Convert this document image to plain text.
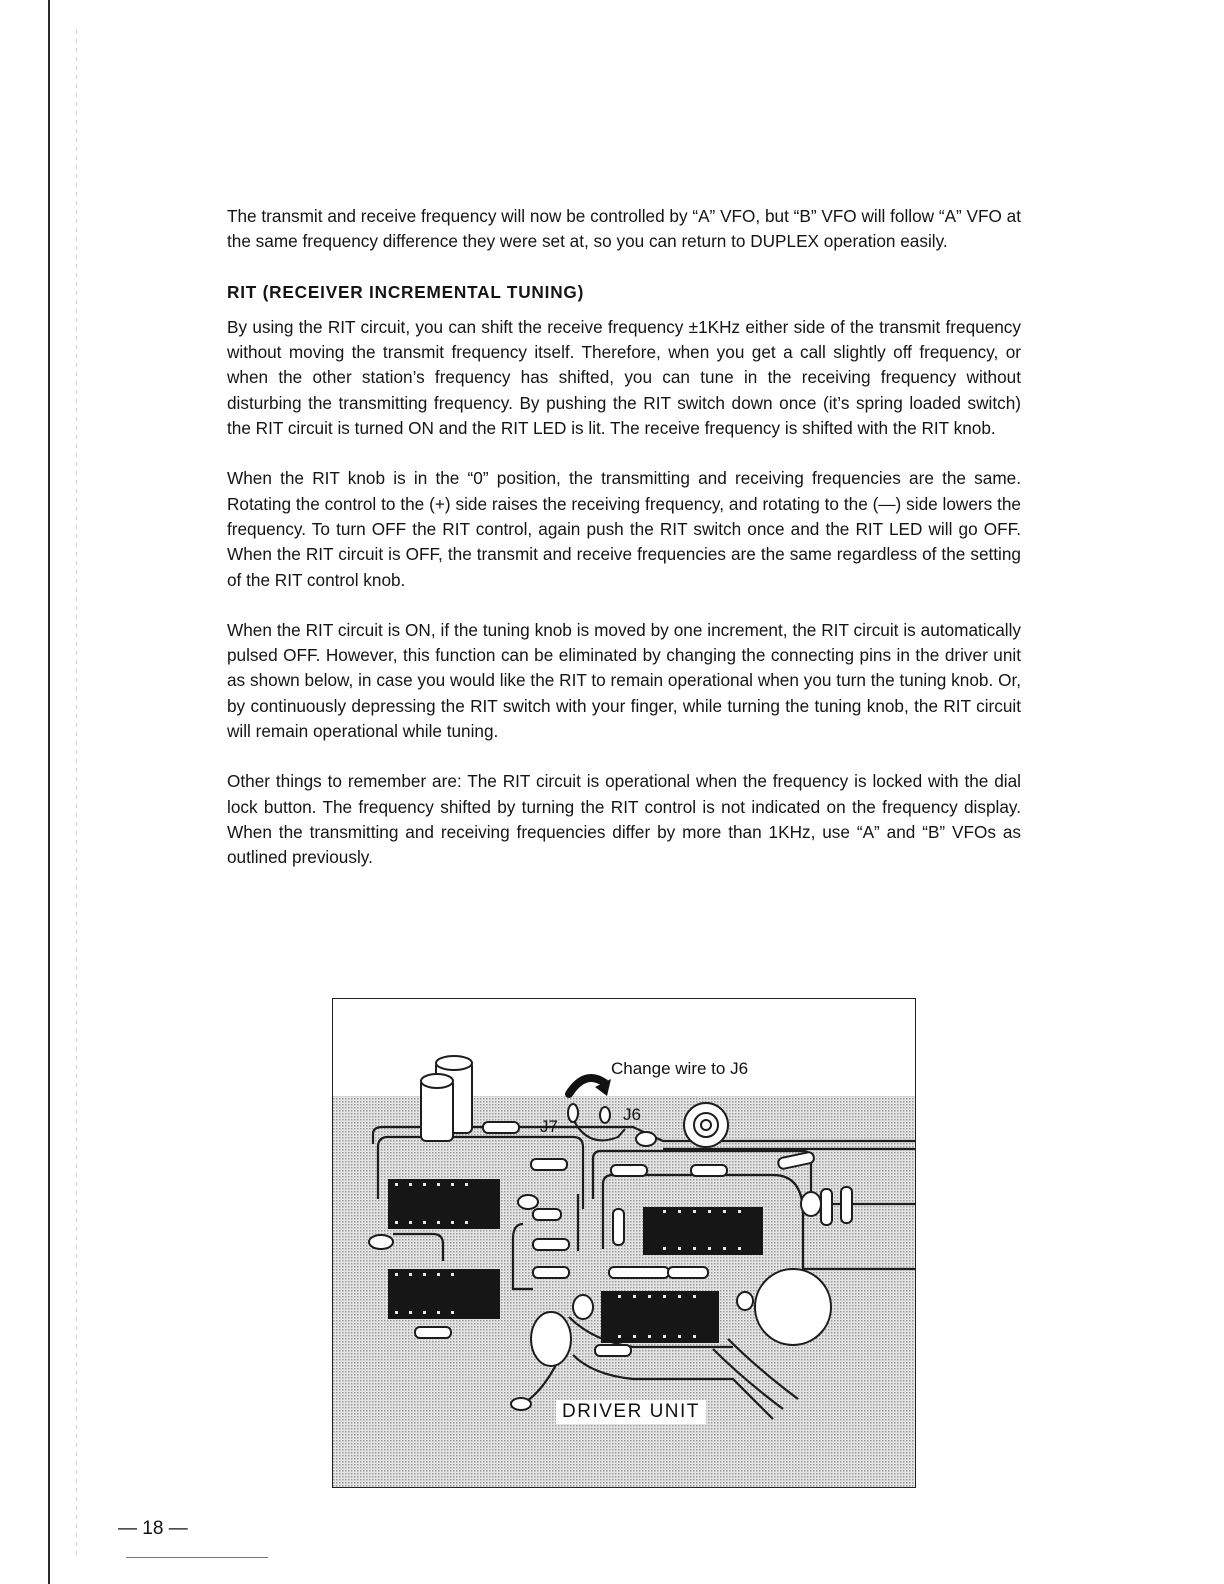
The transmit and receive frequency will now be controlled by “A” VFO, but “B” VFO will follow “A” VFO at the same frequency difference they were set at, so you can return to DUPLEX operation easily.

RIT (RECEIVER INCREMENTAL TUNING)

By using the RIT circuit, you can shift the receive frequency ±1KHz either side of the transmit frequency without moving the transmit frequency itself. Therefore, when you get a call slightly off frequency, or when the other station’s frequency has shifted, you can tune in the receiving frequency without disturbing the transmitting frequency. By pushing the RIT switch down once (it’s spring loaded switch) the RIT circuit is turned ON and the RIT LED is lit. The receive frequency is shifted with the RIT knob.

When the RIT knob is in the “0” position, the transmitting and receiving frequencies are the same. Rotating the control to the (+) side raises the receiving frequency, and rotating to the (—) side lowers the frequency. To turn OFF the RIT control, again push the RIT switch once and the RIT LED will go OFF. When the RIT circuit is OFF, the transmit and receive frequencies are the same regardless of the setting of the RIT control knob.

When the RIT circuit is ON, if the tuning knob is moved by one increment, the RIT circuit is automatically pulsed OFF. However, this function can be eliminated by changing the connecting pins in the driver unit as shown below, in case you would like the RIT to remain operational when you turn the tuning knob. Or, by continuously depressing the RIT switch with your finger, while turning the tuning knob, the RIT circuit will remain operational while tuning.

Other things to remember are: The RIT circuit is operational when the frequency is locked with the dial lock button. The frequency shifted by turning the RIT control is not indicated on the frequency display. When the transmitting and receiving frequencies differ by more than 1KHz, use “A” and “B” VFOs as outlined previously.

Change wire to J6
J7
J6
DRIVER UNIT
— 18 —
